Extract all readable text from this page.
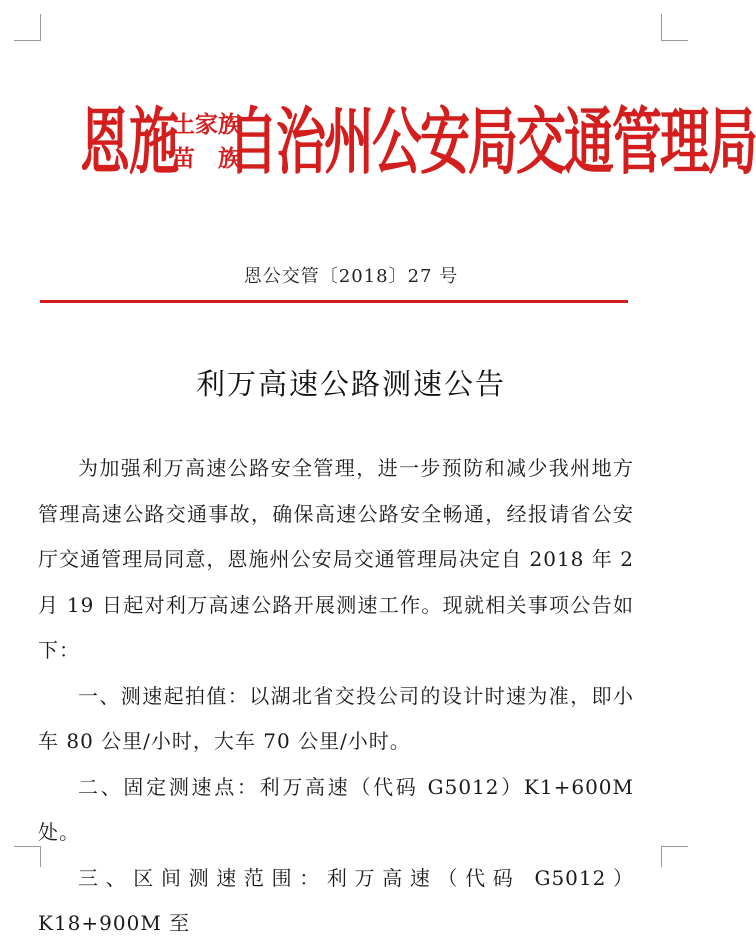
恩施
土家族
苗　族
自治州公安局交通管理局
恩公交管〔2018〕27 号
利万高速公路测速公告

为加强利万高速公路安全管理，进一步预防和减少我州地方管理高速公路交通事故，确保高速公路安全畅通，经报请省公安厅交通管理局同意，恩施州公安局交通管理局决定自 2018 年 2 月 19 日起对利万高速公路开展测速工作。现就相关事项公告如下：

一、测速起拍值：以湖北省交投公司的设计时速为准，即小车 80 公里/小时，大车 70 公里/小时。

二、固定测速点：利万高速（代码 G5012）K1+600M 处。

三、区间测速范围：利万高速（代码 G5012）K18+900M 至
